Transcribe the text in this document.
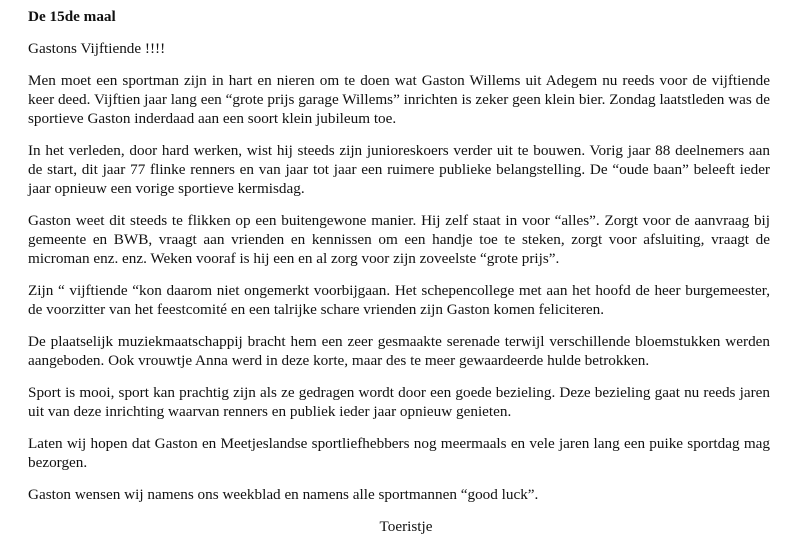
De 15de maal
Gastons Vijftiende !!!!

Men moet een sportman zijn in hart en nieren om te doen wat Gaston Willems uit Adegem nu reeds voor de vijftiende keer deed. Vijftien jaar lang een “grote prijs garage Willems” inrichten is zeker geen klein bier. Zondag laatstleden was de sportieve Gaston inderdaad aan een soort klein jubileum toe.

In het verleden, door hard werken, wist hij steeds zijn junioreskoers verder uit te bouwen. Vorig jaar 88 deelnemers aan de start, dit jaar 77 flinke renners en van jaar tot jaar een ruimere publieke belangstelling. De “oude baan” beleeft ieder jaar opnieuw een vorige sportieve kermisdag.

Gaston weet dit steeds te flikken op een buitengewone manier. Hij zelf staat in voor “alles”. Zorgt voor de aanvraag bij gemeente en BWB, vraagt aan vrienden en kennissen om een handje toe te steken, zorgt voor afsluiting, vraagt de microman enz. enz. Weken vooraf is hij een en al zorg voor zijn zoveelste “grote prijs”.

Zijn “ vijftiende “kon daarom niet ongemerkt voorbijgaan. Het schepencollege met aan het hoofd de heer burgemeester, de voorzitter van het feestcomité en een talrijke schare vrienden zijn Gaston komen feliciteren.

De plaatselijk muziekmaatschappij bracht hem een zeer gesmaakte serenade terwijl verschillende bloemstukken werden aangeboden. Ook vrouwtje Anna werd in deze korte, maar des te meer gewaardeerde hulde betrokken.

Sport is mooi, sport kan prachtig zijn als ze gedragen wordt door een goede bezieling. Deze bezieling gaat nu reeds jaren uit van deze inrichting waarvan renners en publiek ieder jaar opnieuw genieten.

Laten wij hopen dat Gaston en Meetjeslandse sportliefhebbers nog meermaals en vele jaren lang een puike sportdag mag bezorgen.

Gaston wensen wij namens ons weekblad en namens alle sportmannen “good luck”.

Toeristje
